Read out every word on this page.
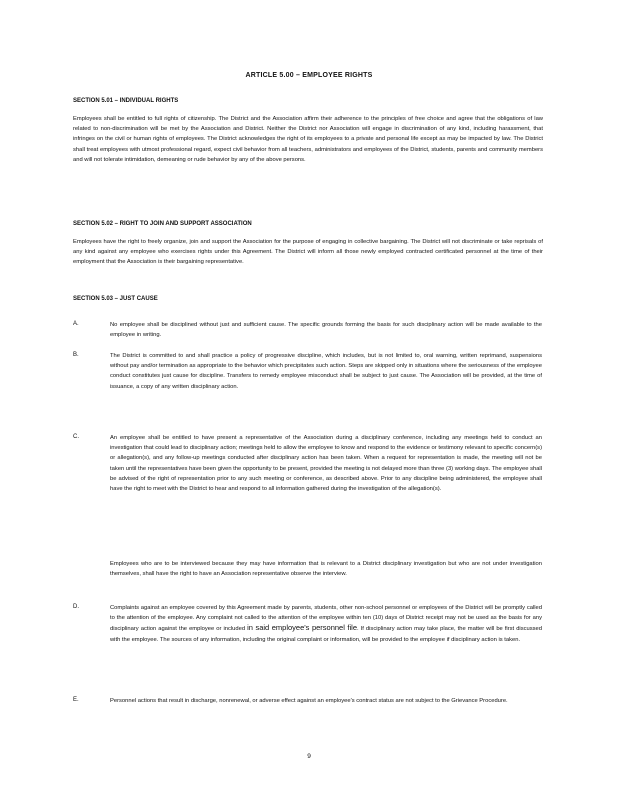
ARTICLE 5.00 – EMPLOYEE RIGHTS
SECTION 5.01 – INDIVIDUAL RIGHTS
Employees shall be entitled to full rights of citizenship. The District and the Association affirm their adherence to the principles of free choice and agree that the obligations of law related to non-discrimination will be met by the Association and District. Neither the District nor Association will engage in discrimination of any kind, including harassment, that infringes on the civil or human rights of employees. The District acknowledges the right of its employees to a private and personal life except as may be impacted by law. The District shall treat employees with utmost professional regard, expect civil behavior from all teachers, administrators and employees of the District, students, parents and community members and will not tolerate intimidation, demeaning or rude behavior by any of the above persons.
SECTION 5.02 – RIGHT TO JOIN AND SUPPORT ASSOCIATION
Employees have the right to freely organize, join and support the Association for the purpose of engaging in collective bargaining. The District will not discriminate or take reprisals of any kind against any employee who exercises rights under this Agreement. The District will inform all those newly employed contracted certificated personnel at the time of their employment that the Association is their bargaining representative.
SECTION 5.03 – JUST CAUSE
A.	No employee shall be disciplined without just and sufficient cause. The specific grounds forming the basis for such disciplinary action will be made available to the employee in writing.
B.	The District is committed to and shall practice a policy of progressive discipline, which includes, but is not limited to, oral warning, written reprimand, suspensions without pay and/or termination as appropriate to the behavior which precipitates such action. Steps are skipped only in situations where the seriousness of the employee conduct constitutes just cause for discipline. Transfers to remedy employee misconduct shall be subject to just cause. The Association will be provided, at the time of issuance, a copy of any written disciplinary action.
C.	An employee shall be entitled to have present a representative of the Association during a disciplinary conference, including any meetings held to conduct an investigation that could lead to disciplinary action; meetings held to allow the employee to know and respond to the evidence or testimony relevant to specific concern(s) or allegation(s), and any follow-up meetings conducted after disciplinary action has been taken. When a request for representation is made, the meeting will not be taken until the representatives have been given the opportunity to be present, provided the meeting is not delayed more than three (3) working days. The employee shall be advised of the right of representation prior to any such meeting or conference, as described above. Prior to any discipline being administered, the employee shall have the right to meet with the District to hear and respond to all information gathered during the investigation of the allegation(s).
Employees who are to be interviewed because they may have information that is relevant to a District disciplinary investigation but who are not under investigation themselves, shall have the right to have an Association representative observe the interview.
D.	Complaints against an employee covered by this Agreement made by parents, students, other non-school personnel or employees of the District will be promptly called to the attention of the employee. Any complaint not called to the attention of the employee within ten (10) days of District receipt may not be used as the basis for any disciplinary action against the employee or included in said employee's personnel file. If disciplinary action may take place, the matter will be first discussed with the employee. The sources of any information, including the original complaint or information, will be provided to the employee if disciplinary action is taken.
E.	Personnel actions that result in discharge, nonrenewal, or adverse effect against an employee's contract status are not subject to the Grievance Procedure.
9
